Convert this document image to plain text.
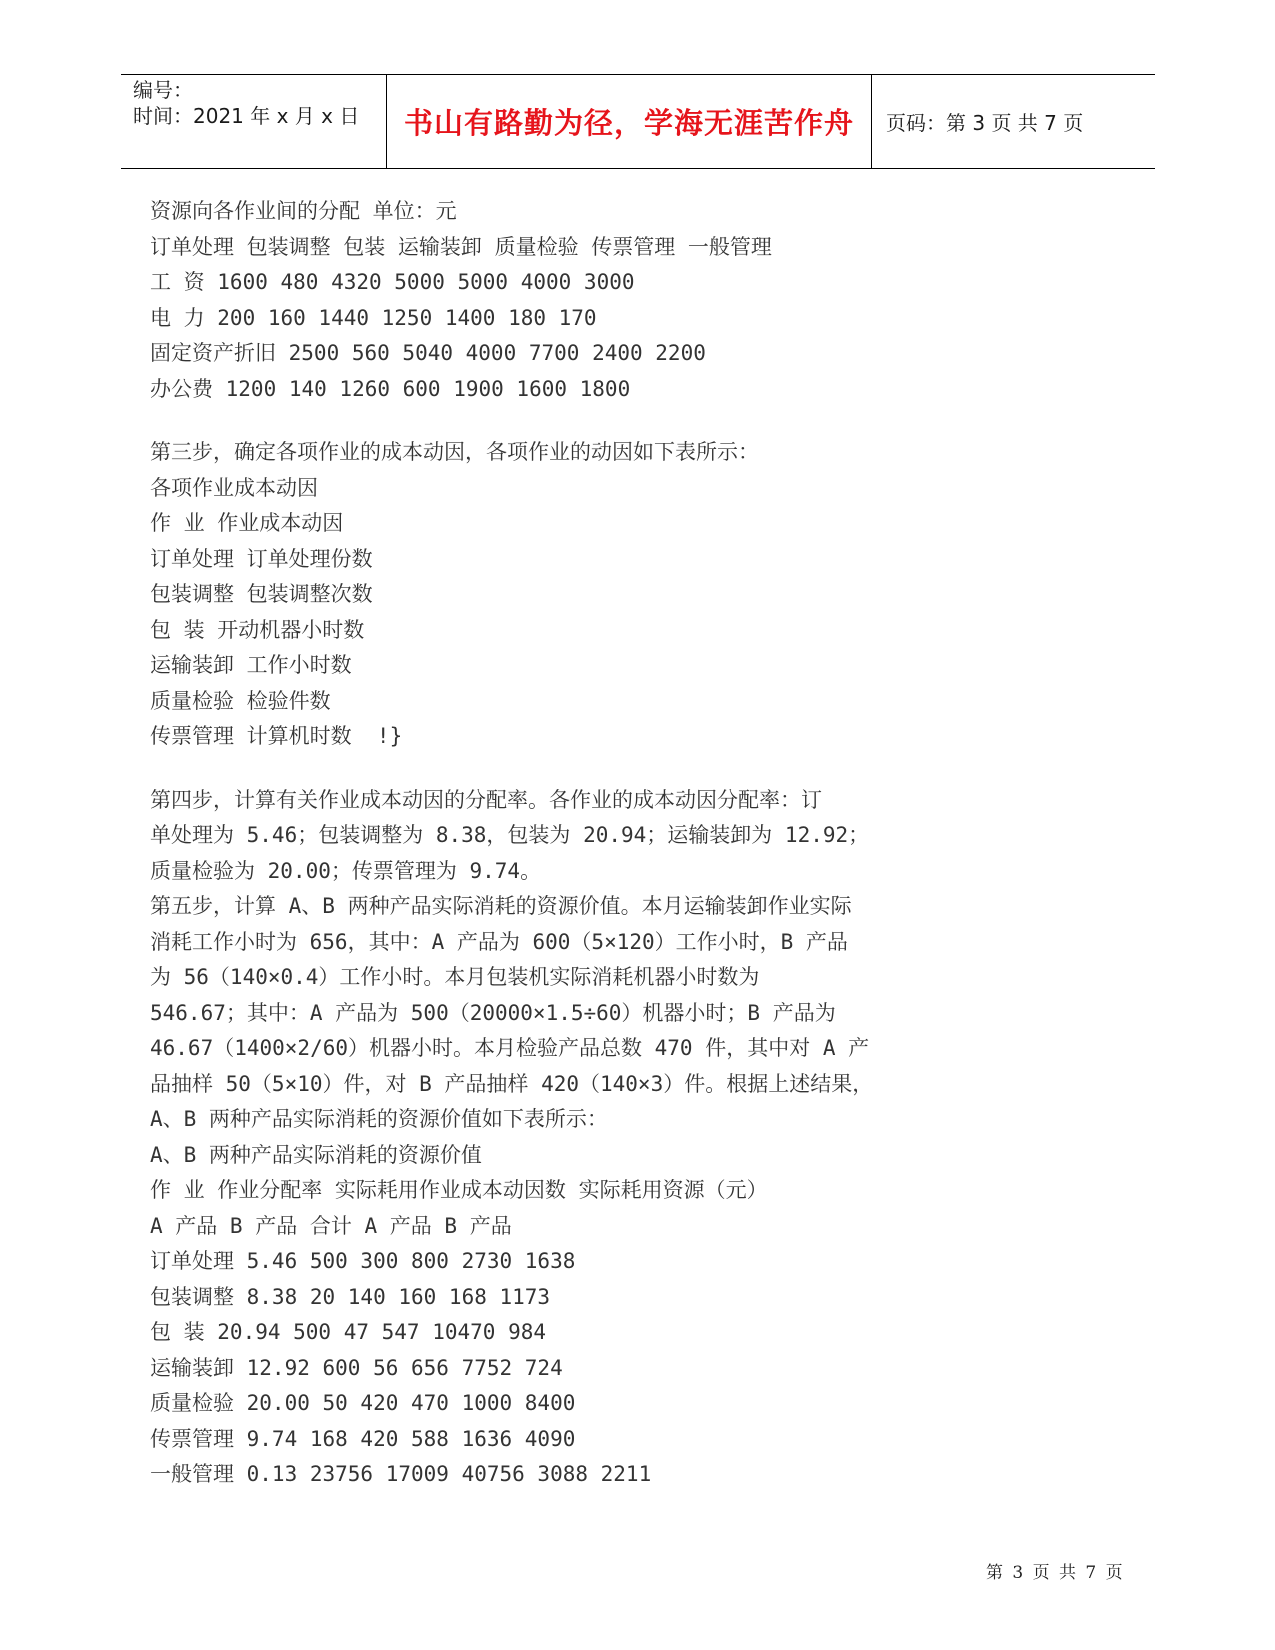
编号：
时间：2021 年 x 月 x 日	书山有路勤为径，学海无涯苦作舟	页码：第 3 页 共 7 页
资源向各作业间的分配 单位：元
订单处理 包装调整 包装 运输装卸 质量检验 传票管理 一般管理
工 资 1600 480 4320 5000 5000 4000 3000
电 力 200 160 1440 1250 1400 180 170
固定资产折旧 2500 560 5040 4000 7700 2400 2200
办公费 1200 140 1260 600 1900 1600 1800
第三步，确定各项作业的成本动因，各项作业的动因如下表所示：
各项作业成本动因
作 业 作业成本动因
订单处理 订单处理份数
包装调整 包装调整次数
包 装 开动机器小时数
运输装卸 工作小时数
质量检验 检验件数
传票管理 计算机时数  !}
第四步，计算有关作业成本动因的分配率。各作业的成本动因分配率：订
单处理为 5.46；包装调整为 8.38，包装为 20.94；运输装卸为 12.92；
质量检验为 20.00；传票管理为 9.74。
第五步，计算 A、B 两种产品实际消耗的资源价值。本月运输装卸作业实际
消耗工作小时为 656，其中：A 产品为 600（5×120）工作小时，B 产品
为 56（140×0.4）工作小时。本月包装机实际消耗机器小时数为
546.67；其中：A 产品为 500（20000×1.5÷60）机器小时；B 产品为
46.67（1400×2/60）机器小时。本月检验产品总数 470 件，其中对 A 产
品抽样 50（5×10）件，对 B 产品抽样 420（140×3）件。根据上述结果，
A、B 两种产品实际消耗的资源价值如下表所示：
A、B 两种产品实际消耗的资源价值
作 业 作业分配率 实际耗用作业成本动因数 实际耗用资源（元）
A 产品 B 产品 合计 A 产品 B 产品
订单处理 5.46 500 300 800 2730 1638
包装调整 8.38 20 140 160 168 1173
包 装 20.94 500 47 547 10470 984
运输装卸 12.92 600 56 656 7752 724
质量检验 20.00 50 420 470 1000 8400
传票管理 9.74 168 420 588 1636 4090
一般管理 0.13 23756 17009 40756 3088 2211
第 3 页 共 7 页
